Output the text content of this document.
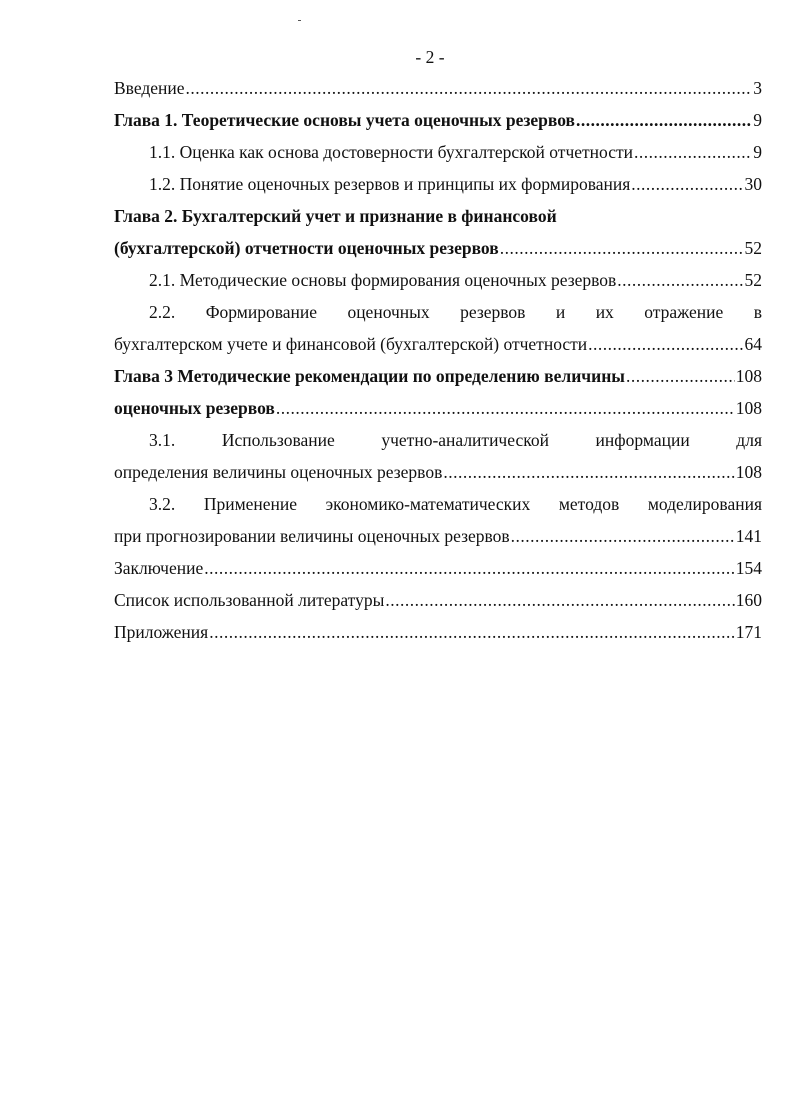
- 2 -
Введение .....	3
Глава 1. Теоретические основы учета оценочных резервов .....	9
1.1. Оценка как основа достоверности бухгалтерской отчетности .....	9
1.2. Понятие оценочных резервов и принципы их формирования .....	30
Глава 2. Бухгалтерский учет и признание в финансовой
(бухгалтерской) отчетности оценочных резервов .....	52
2.1. Методические основы формирования оценочных резервов .....	52
2.2. Формирование оценочных резервов и их отражение в
бухгалтерском учете и финансовой (бухгалтерской) отчетности .....	64
Глава 3 Методические рекомендации по определению величины .....	108
оценочных резервов .....	108
3.1. Использование учетно-аналитической информации для
определения величины оценочных резервов .....	108
3.2. Применение экономико-математических методов моделирования
при прогнозировании величины оценочных резервов .....	141
Заключение .....	154
Список использованной литературы .....	160
Приложения .....	171
